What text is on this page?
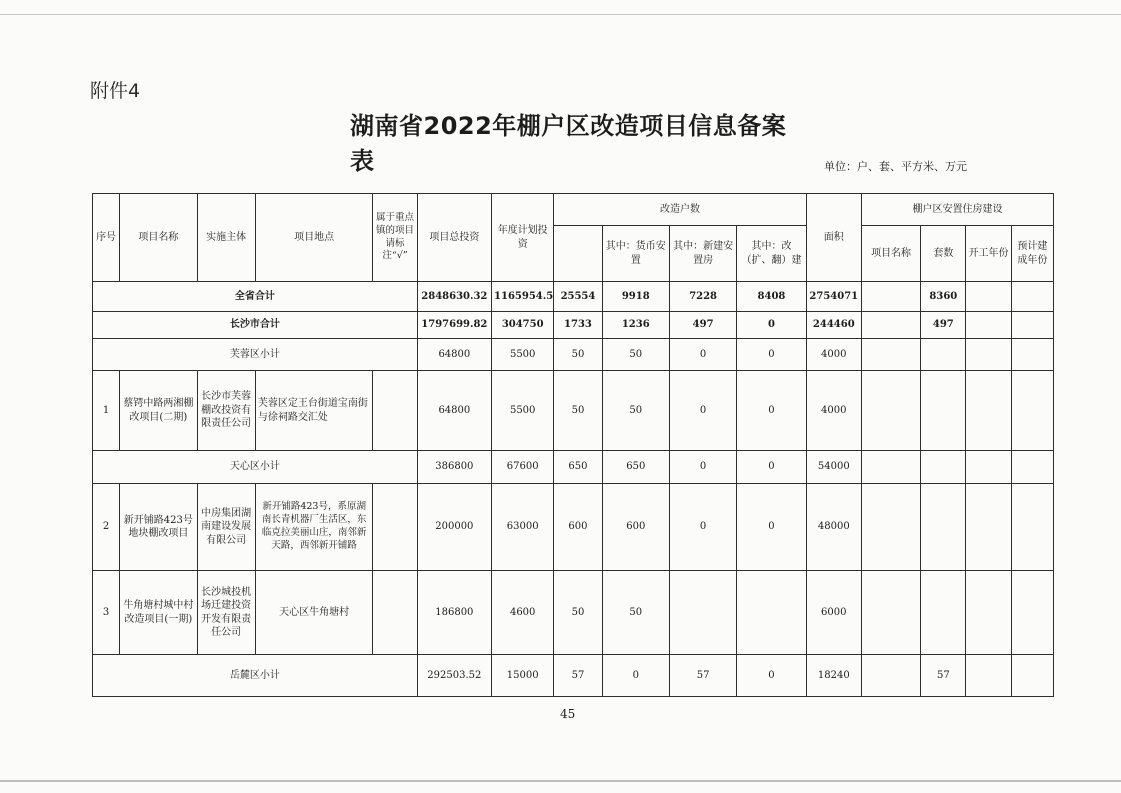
附件4
湖南省2022年棚户区改造项目信息备案表	单位：户、套、平方米、万元
序号	项目名称	实施主体	项目地点	属于重点镇的项目请标注“√”	项目总投资	年度计划投资	改造户数				面积	棚户区安置住房建设			
								其中：货币安置	其中：新建安置房	其中：改（扩、翻）建		项目名称	套数	开工年份	预计建成年份
全省合计					2848630.32	1165954.5	25554	9918	7228	8408	2754071		8360		
长沙市合计					1797699.82	304750	1733	1236	497	0	244460		497		
芙蓉区小计					64800	5500	50	50	0	0	4000				
1	蔡锷中路两湘棚改项目(二期)	长沙市芙蓉棚改投资有限责任公司	芙蓉区定王台街道宝南街与徐祠路交汇处		64800	5500	50	50	0	0	4000				
天心区小计					386800	67600	650	650	0	0	54000				
2	新开铺路423号地块棚改项目	中房集团湖南建设发展有限公司	新开铺路423号，系原湖南长青机器厂生活区，东临克拉美丽山庄，南邻新天路，西邻新开铺路		200000	63000	600	600	0	0	48000				
3	牛角塘村城中村改造项目(一期)	长沙城投机场迁建投资开发有限责任公司	天心区牛角塘村		186800	4600	50	50			6000				
岳麓区小计					292503.52	15000	57	0	57	0	18240		57		
45
